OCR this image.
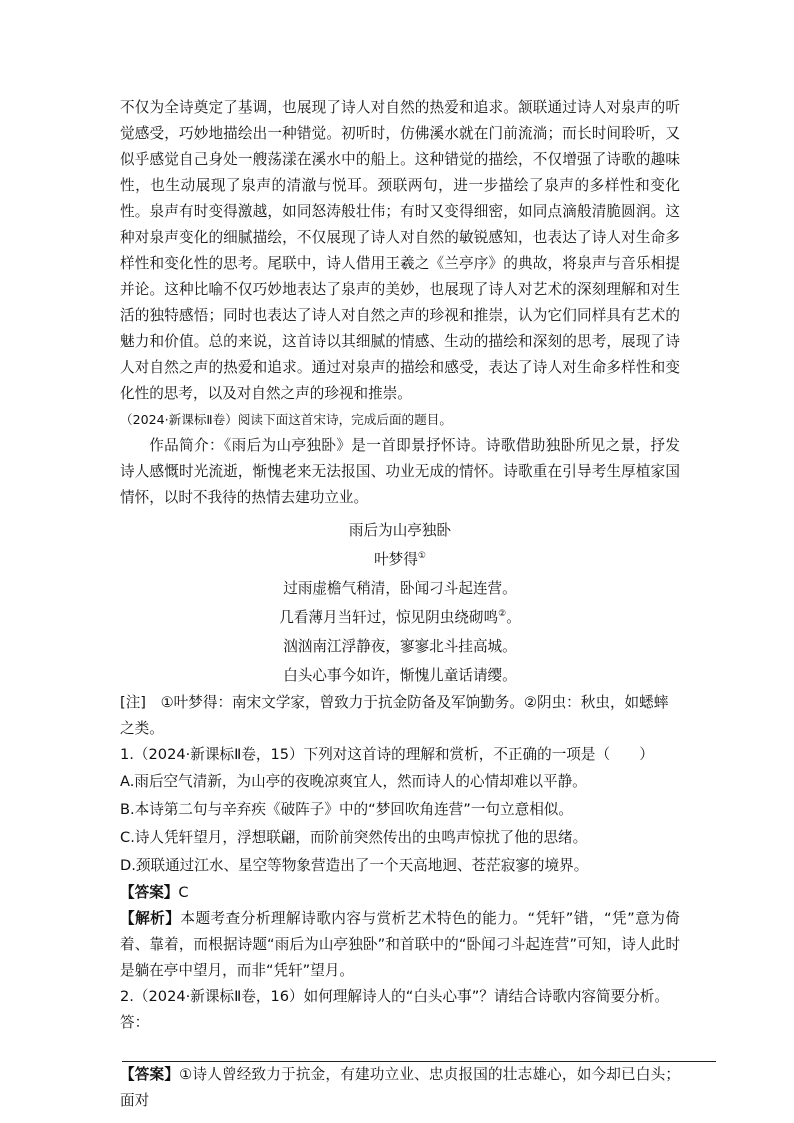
不仅为全诗奠定了基调，也展现了诗人对自然的热爱和追求。颔联通过诗人对泉声的听觉感受，巧妙地描绘出一种错觉。初听时，仿佛溪水就在门前流淌；而长时间聆听，又似乎感觉自己身处一艘荡漾在溪水中的船上。这种错觉的描绘，不仅增强了诗歌的趣味性，也生动展现了泉声的清澈与悦耳。颈联两句，进一步描绘了泉声的多样性和变化性。泉声有时变得激越，如同怒涛般壮伟；有时又变得细密，如同点滴般清脆圆润。这种对泉声变化的细腻描绘，不仅展现了诗人对自然的敏锐感知，也表达了诗人对生命多样性和变化性的思考。尾联中，诗人借用王羲之《兰亭序》的典故，将泉声与音乐相提并论。这种比喻不仅巧妙地表达了泉声的美妙，也展现了诗人对艺术的深刻理解和对生活的独特感悟；同时也表达了诗人对自然之声的珍视和推崇，认为它们同样具有艺术的魅力和价值。总的来说，这首诗以其细腻的情感、生动的描绘和深刻的思考，展现了诗人对自然之声的热爱和追求。通过对泉声的描绘和感受，表达了诗人对生命多样性和变化性的思考，以及对自然之声的珍视和推崇。

（2024·新课标Ⅱ卷）阅读下面这首宋诗，完成后面的题目。

作品简介：《雨后为山亭独卧》是一首即景抒怀诗。诗歌借助独卧所见之景，抒发诗人感慨时光流逝，惭愧老来无法报国、功业无成的情怀。诗歌重在引导考生厚植家国情怀，以时不我待的热情去建功立业。

雨后为山亭独卧
叶梦得①
过雨虚檐气稍清，卧闻刁斗起连营。
几看薄月当轩过，惊见阴虫绕砌鸣②。
汹汹南江浮静夜，寥寥北斗挂高城。
白头心事今如许，惭愧儿童话请缨。

[注]　①叶梦得：南宋文学家，曾致力于抗金防备及军饷勤务。②阴虫：秋虫，如蟋蟀之类。

1.（2024·新课标Ⅱ卷，15）下列对这首诗的理解和赏析，不正确的一项是（　　）

A.雨后空气清新，为山亭的夜晚凉爽宜人，然而诗人的心情却难以平静。

B.本诗第二句与辛弃疾《破阵子》中的“梦回吹角连营”一句立意相似。

C.诗人凭轩望月，浮想联翩，而阶前突然传出的虫鸣声惊扰了他的思绪。

D.颈联通过江水、星空等物象营造出了一个天高地迥、苍茫寂寥的境界。

【答案】C

【解析】本题考查分析理解诗歌内容与赏析艺术特色的能力。“凭轩”错，“凭”意为倚着、靠着，而根据诗题“雨后为山亭独卧”和首联中的“卧闻刁斗起连营”可知，诗人此时是躺在亭中望月，而非“凭轩”望月。

2.（2024·新课标Ⅱ卷，16）如何理解诗人的“白头心事”？请结合诗歌内容简要分析。

答：

【答案】①诗人曾经致力于抗金，有建功立业、忠贞报国的壮志雄心，如今却已白头；面对
